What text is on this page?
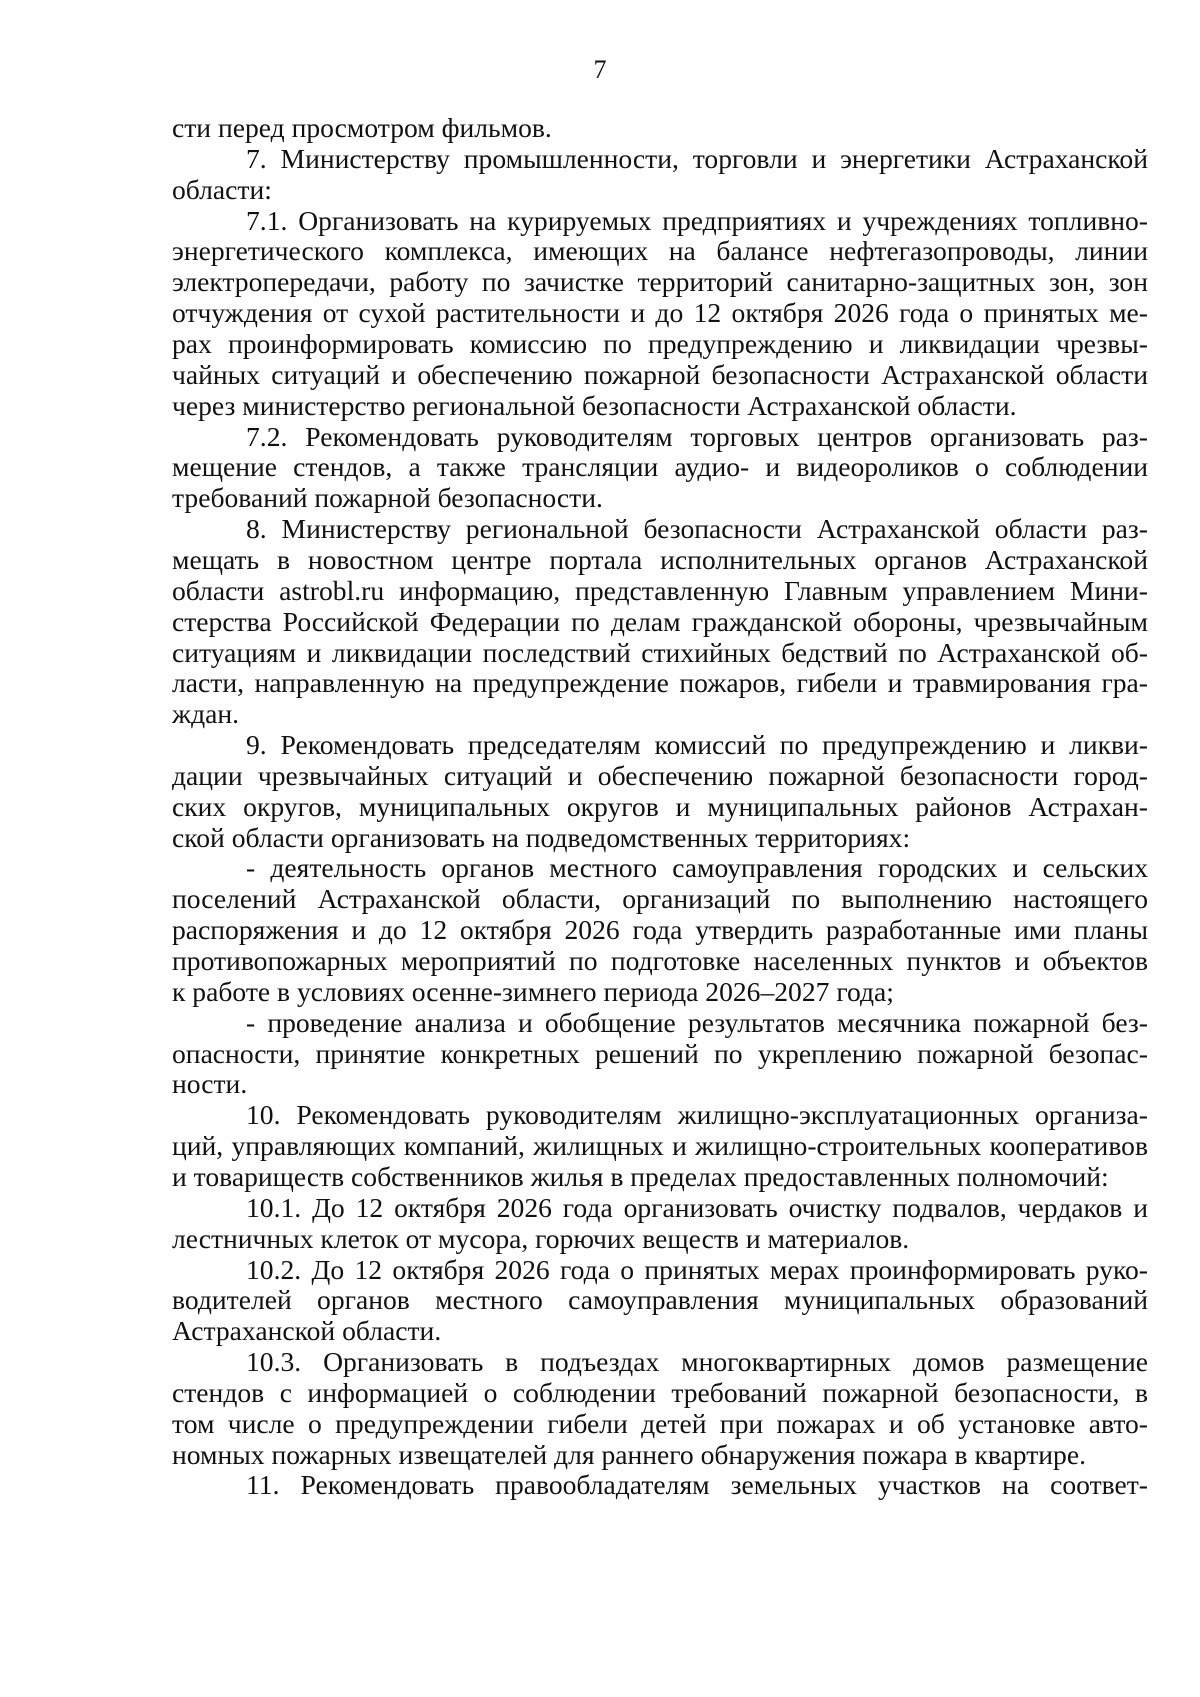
7
сти перед просмотром фильмов.
7. Министерству промышленности, торговли и энергетики Астраханской
области:
7.1. Организовать на курируемых предприятиях и учреждениях топливно-
энергетического комплекса, имеющих на балансе нефтегазопроводы, линии
электропередачи, работу по зачистке территорий санитарно-защитных зон, зон
отчуждения от сухой растительности и до 12 октября 2026 года о принятых ме-
рах проинформировать комиссию по предупреждению и ликвидации чрезвы-
чайных ситуаций и обеспечению пожарной безопасности Астраханской области
через министерство региональной безопасности Астраханской области.
7.2. Рекомендовать руководителям торговых центров организовать раз-
мещение стендов, а также трансляции аудио- и видеороликов о соблюдении
требований пожарной безопасности.
8. Министерству региональной безопасности Астраханской области раз-
мещать в новостном центре портала исполнительных органов Астраханской
области astrobl.ru информацию, представленную Главным управлением Мини-
стерства Российской Федерации по делам гражданской обороны, чрезвычайным
ситуациям и ликвидации последствий стихийных бедствий по Астраханской об-
ласти, направленную на предупреждение пожаров, гибели и травмирования гра-
ждан.
9. Рекомендовать председателям комиссий по предупреждению и ликви-
дации чрезвычайных ситуаций и обеспечению пожарной безопасности город-
ских округов, муниципальных округов и муниципальных районов Астрахан-
ской области организовать на подведомственных территориях:
- деятельность органов местного самоуправления городских и сельских
поселений Астраханской области, организаций по выполнению настоящего
распоряжения и до 12 октября 2026 года утвердить разработанные ими планы
противопожарных мероприятий по подготовке населенных пунктов и объектов
к работе в условиях осенне-зимнего периода 2026–2027 года;
- проведение анализа и обобщение результатов месячника пожарной без-
опасности, принятие конкретных решений по укреплению пожарной безопас-
ности.
10. Рекомендовать руководителям жилищно-эксплуатационных организа-
ций, управляющих компаний, жилищных и жилищно-строительных кооперативов
и товариществ собственников жилья в пределах предоставленных полномочий:
10.1. До 12 октября 2026 года организовать очистку подвалов, чердаков и
лестничных клеток от мусора, горючих веществ и материалов.
10.2. До 12 октября 2026 года о принятых мерах проинформировать руко-
водителей органов местного самоуправления муниципальных образований
Астраханской области.
10.3. Организовать в подъездах многоквартирных домов размещение
стендов с информацией о соблюдении требований пожарной безопасности, в
том числе о предупреждении гибели детей при пожарах и об установке авто-
номных пожарных извещателей для раннего обнаружения пожара в квартире.
11. Рекомендовать правообладателям земельных участков на соответ-
